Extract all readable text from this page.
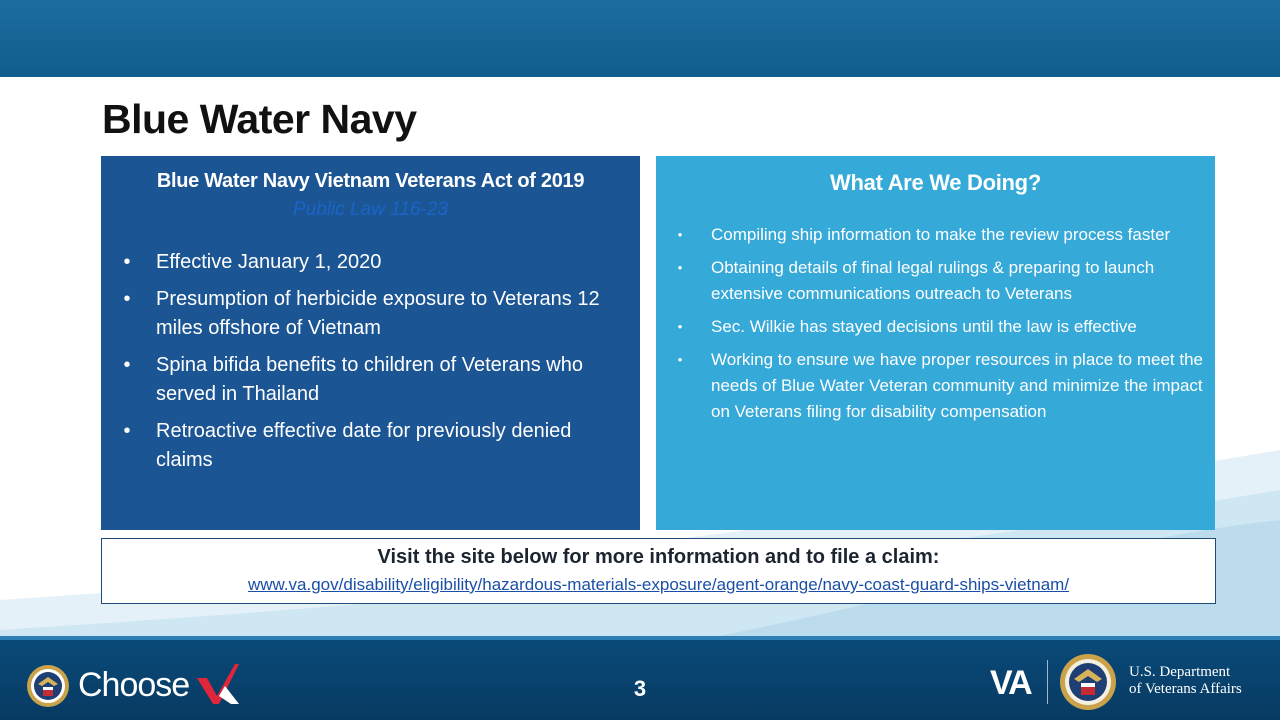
Blue Water Navy
Blue Water Navy Vietnam Veterans Act of 2019
Public Law 116-23
• Effective January 1, 2020
• Presumption of herbicide exposure to Veterans 12 miles offshore of Vietnam
• Spina bifida benefits to children of Veterans who served in Thailand
• Retroactive effective date for previously denied claims
What Are We Doing?
• Compiling ship information to make the review process faster
• Obtaining details of final legal rulings & preparing to launch extensive communications outreach to Veterans
• Sec. Wilkie has stayed decisions until the law is effective
• Working to ensure we have proper resources in place to meet the needs of Blue Water Veteran community and minimize the impact on Veterans filing for disability compensation
Visit the site below for more information and to file a claim:
www.va.gov/disability/eligibility/hazardous-materials-exposure/agent-orange/navy-coast-guard-ships-vietnam/
Choose	3	VA	U.S. Department
of Veterans Affairs
